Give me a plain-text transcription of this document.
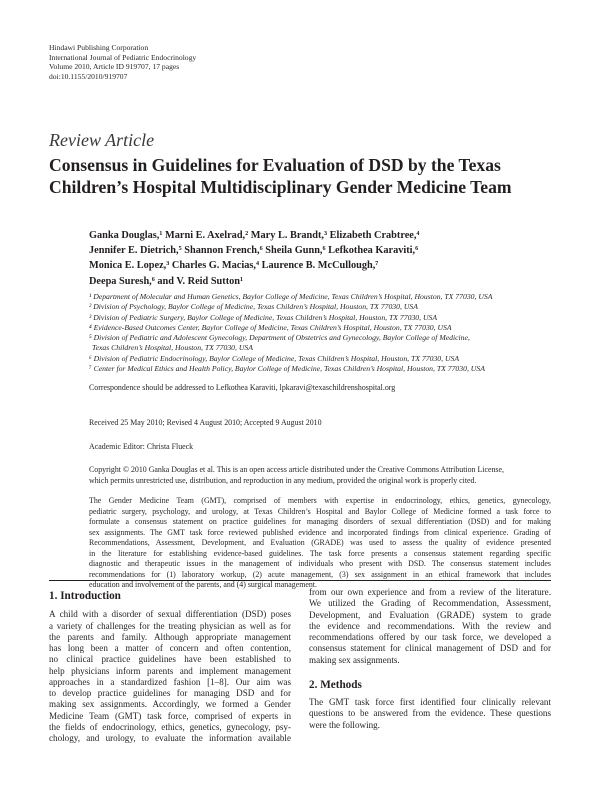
Hindawi Publishing Corporation
International Journal of Pediatric Endocrinology
Volume 2010, Article ID 919707, 17 pages
doi:10.1155/2010/919707
Review Article
Consensus in Guidelines for Evaluation of DSD by the Texas
Children’s Hospital Multidisciplinary Gender Medicine Team
Ganka Douglas,¹ Marni E. Axelrad,² Mary L. Brandt,³ Elizabeth Crabtree,⁴
Jennifer E. Dietrich,⁵ Shannon French,⁶ Sheila Gunn,⁶ Lefkothea Karaviti,⁶
Monica E. Lopez,³ Charles G. Macias,⁴ Laurence B. McCullough,⁷
Deepa Suresh,⁶ and V. Reid Sutton¹
¹ Department of Molecular and Human Genetics, Baylor College of Medicine, Texas Children’s Hospital, Houston, TX 77030, USA
² Division of Psychology, Baylor College of Medicine, Texas Children’s Hospital, Houston, TX 77030, USA
³ Division of Pediatric Surgery, Baylor College of Medicine, Texas Children’s Hospital, Houston, TX 77030, USA
⁴ Evidence-Based Outcomes Center, Baylor College of Medicine, Texas Children’s Hospital, Houston, TX 77030, USA
⁵ Division of Pediatric and Adolescent Gynecology, Department of Obstetrics and Gynecology, Baylor College of Medicine,
Texas Children’s Hospital, Houston, TX 77030, USA
⁶ Division of Pediatric Endocrinology, Baylor College of Medicine, Texas Children’s Hospital, Houston, TX 77030, USA
⁷ Center for Medical Ethics and Health Policy, Baylor College of Medicine, Texas Children’s Hospital, Houston, TX 77030, USA
Correspondence should be addressed to Lefkothea Karaviti, lpkaravi@texaschildrenshospital.org
Received 25 May 2010; Revised 4 August 2010; Accepted 9 August 2010
Academic Editor: Christa Flueck
Copyright © 2010 Ganka Douglas et al. This is an open access article distributed under the Creative Commons Attribution License,
which permits unrestricted use, distribution, and reproduction in any medium, provided the original work is properly cited.
The Gender Medicine Team (GMT), comprised of members with expertise in endocrinology, ethics, genetics, gynecology,
pediatric surgery, psychology, and urology, at Texas Children’s Hospital and Baylor College of Medicine formed a task force to
formulate a consensus statement on practice guidelines for managing disorders of sexual differentiation (DSD) and for making
sex assignments. The GMT task force reviewed published evidence and incorporated findings from clinical experience. Grading of
Recommendations, Assessment, Development, and Evaluation (GRADE) was used to assess the quality of evidence presented
in the literature for establishing evidence-based guidelines. The task force presents a consensus statement regarding specific
diagnostic and therapeutic issues in the management of individuals who present with DSD. The consensus statement includes
recommendations for (1) laboratory workup, (2) acute management, (3) sex assignment in an ethical framework that includes
education and involvement of the parents, and (4) surgical management.
1. Introduction
A child with a disorder of sexual differentiation (DSD) poses
a variety of challenges for the treating physician as well as for
the parents and family. Although appropriate management
has long been a matter of concern and often contention,
no clinical practice guidelines have been established to
help physicians inform parents and implement management
approaches in a standardized fashion [1–8]. Our aim was
to develop practice guidelines for managing DSD and for
making sex assignments. Accordingly, we formed a Gender
Medicine Team (GMT) task force, comprised of experts in
the fields of endocrinology, ethics, genetics, gynecology, psy-
chology, and urology, to evaluate the information available
from our own experience and from a review of the literature.
We utilized the Grading of Recommendation, Assessment,
Development, and Evaluation (GRADE) system to grade
the evidence and recommendations. With the review and
recommendations offered by our task force, we developed a
consensus statement for clinical management of DSD and for
making sex assignments.
2. Methods
The GMT task force first identified four clinically relevant
questions to be answered from the evidence. These questions
were the following.
